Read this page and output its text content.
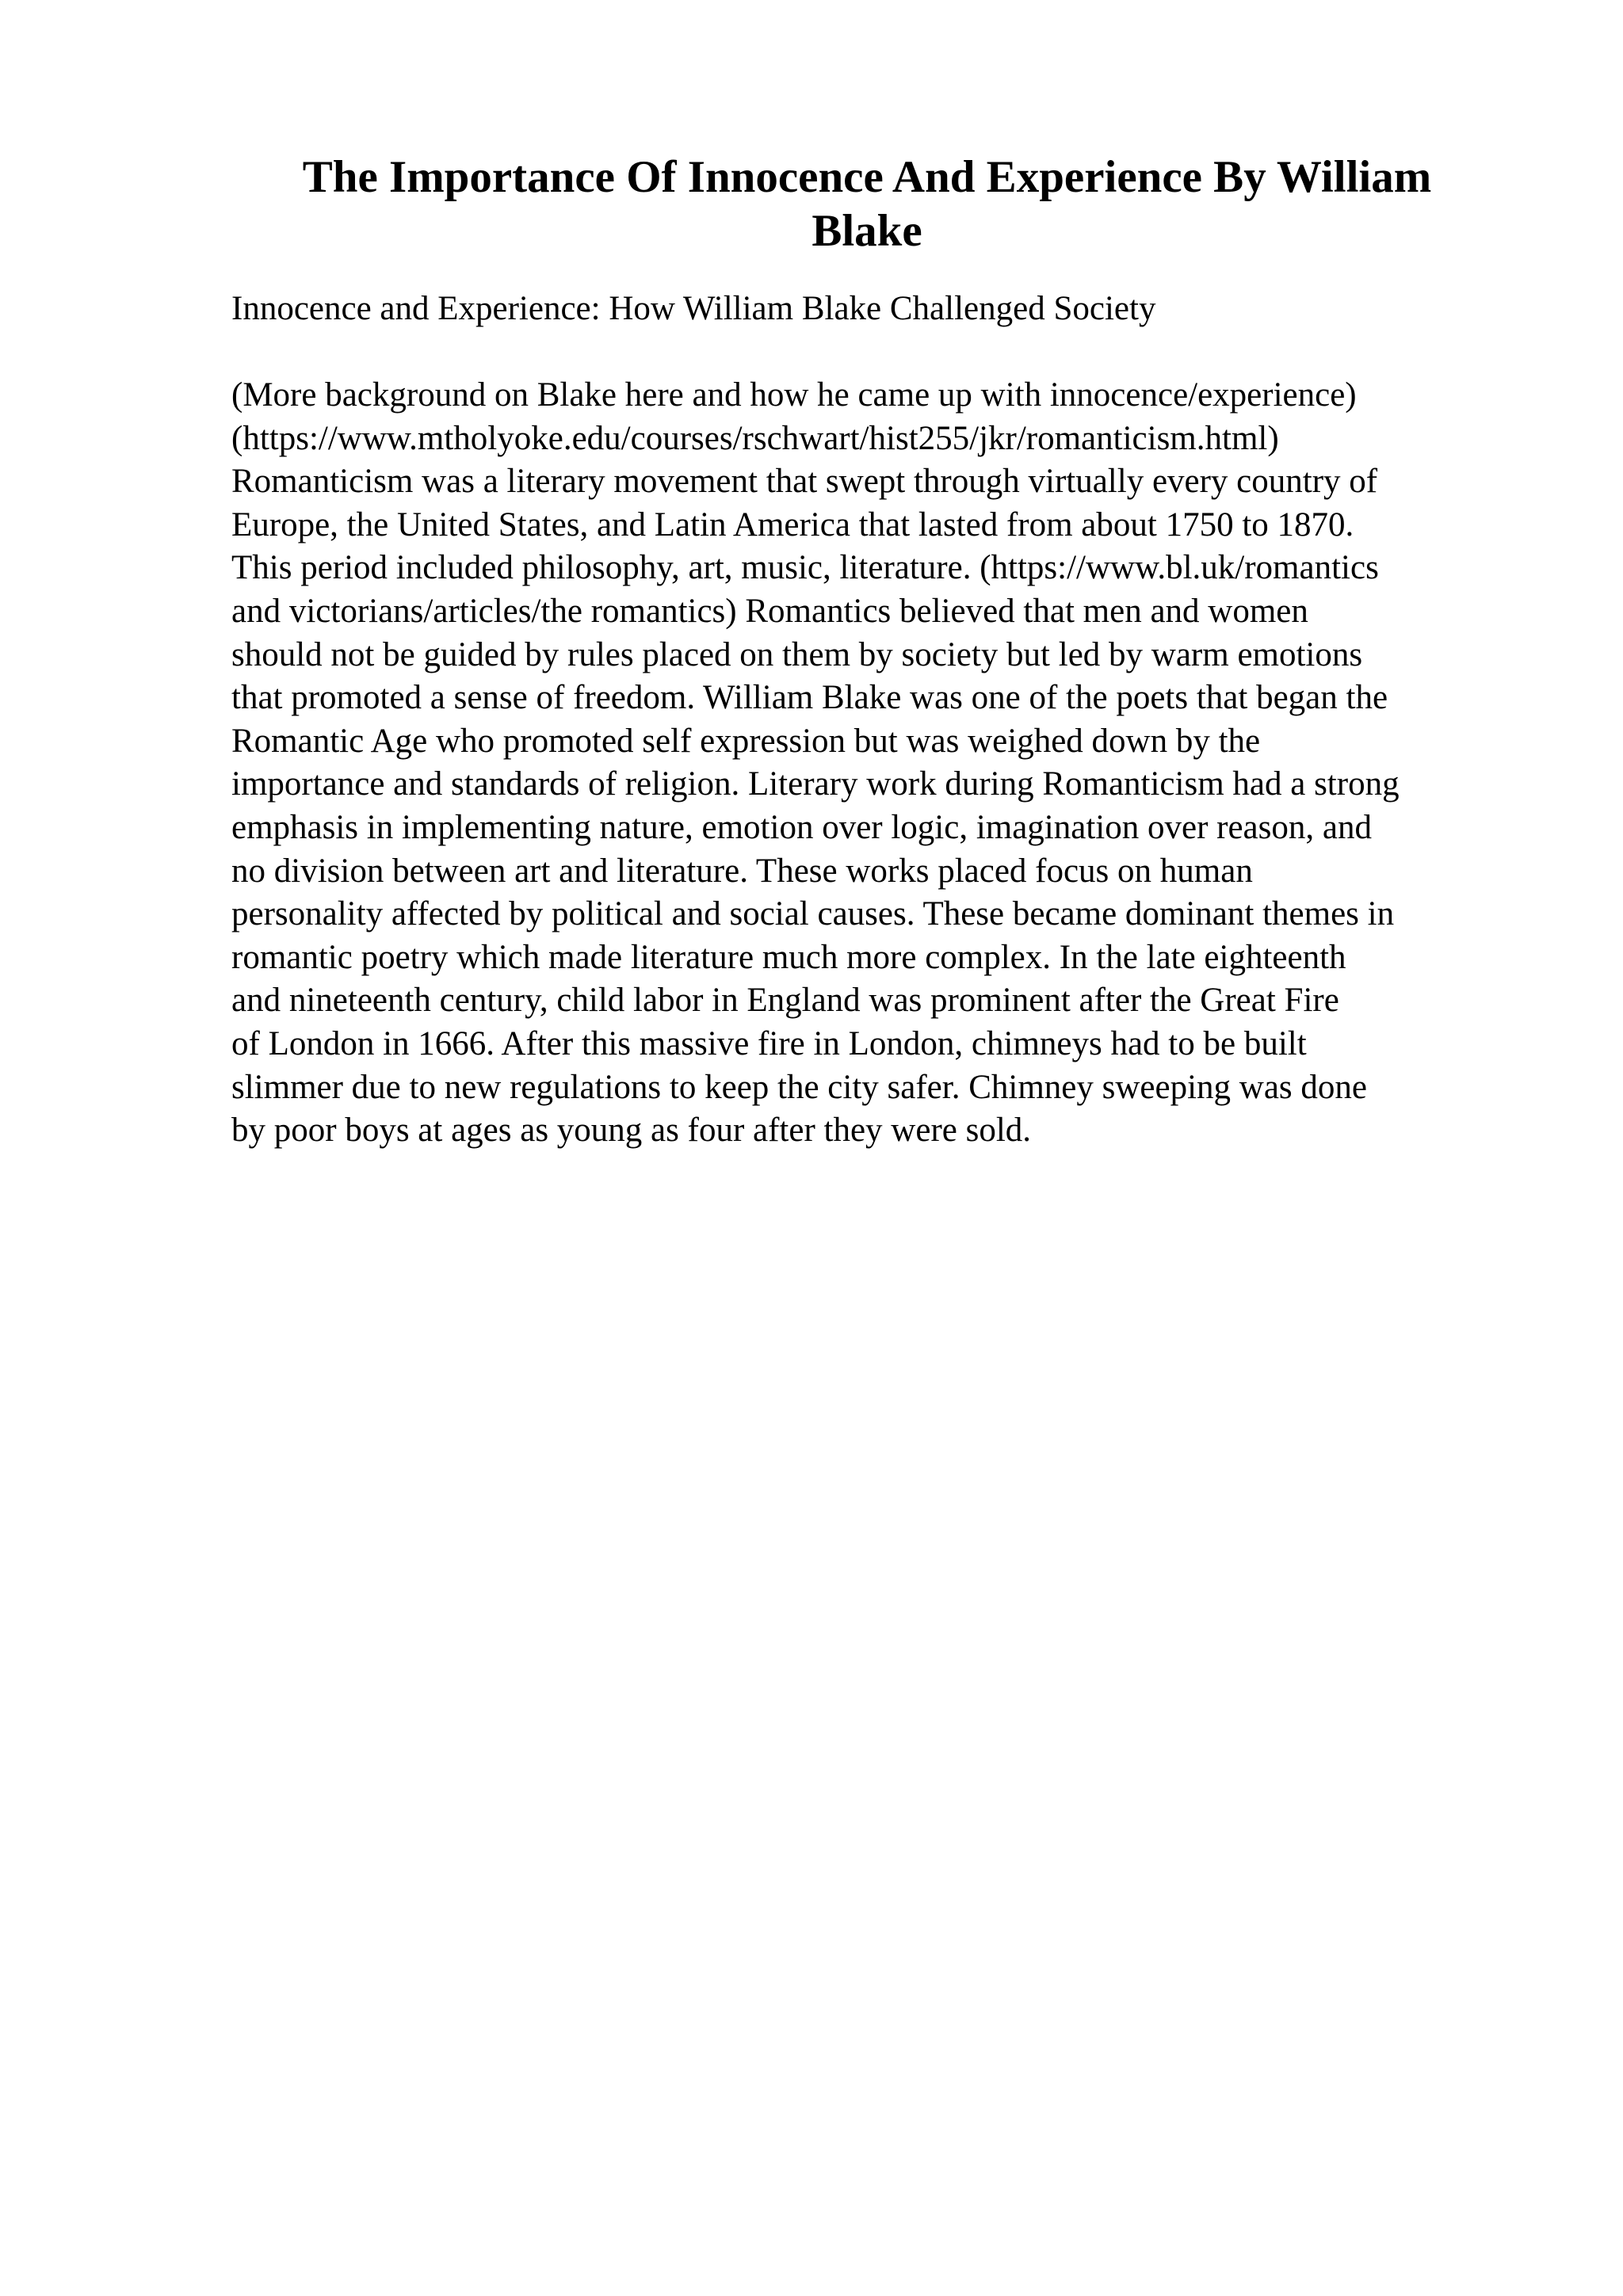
The Importance Of Innocence And Experience By William
Blake

Innocence and Experience: How William Blake Challenged Society

(More background on Blake here and how he came up with innocence/experience)
(https://www.mtholyoke.edu/courses/rschwart/hist255/jkr/romanticism.html)
Romanticism was a literary movement that swept through virtually every country of
Europe, the United States, and Latin America that lasted from about 1750 to 1870.
This period included philosophy, art, music, literature. (https://www.bl.uk/romantics
and victorians/articles/the romantics) Romantics believed that men and women
should not be guided by rules placed on them by society but led by warm emotions
that promoted a sense of freedom. William Blake was one of the poets that began the
Romantic Age who promoted self expression but was weighed down by the
importance and standards of religion. Literary work during Romanticism had a strong
emphasis in implementing nature, emotion over logic, imagination over reason, and
no division between art and literature. These works placed focus on human
personality affected by political and social causes. These became dominant themes in
romantic poetry which made literature much more complex. In the late eighteenth
and nineteenth century, child labor in England was prominent after the Great Fire
of London in 1666. After this massive fire in London, chimneys had to be built
slimmer due to new regulations to keep the city safer. Chimney sweeping was done
by poor boys at ages as young as four after they were sold.
